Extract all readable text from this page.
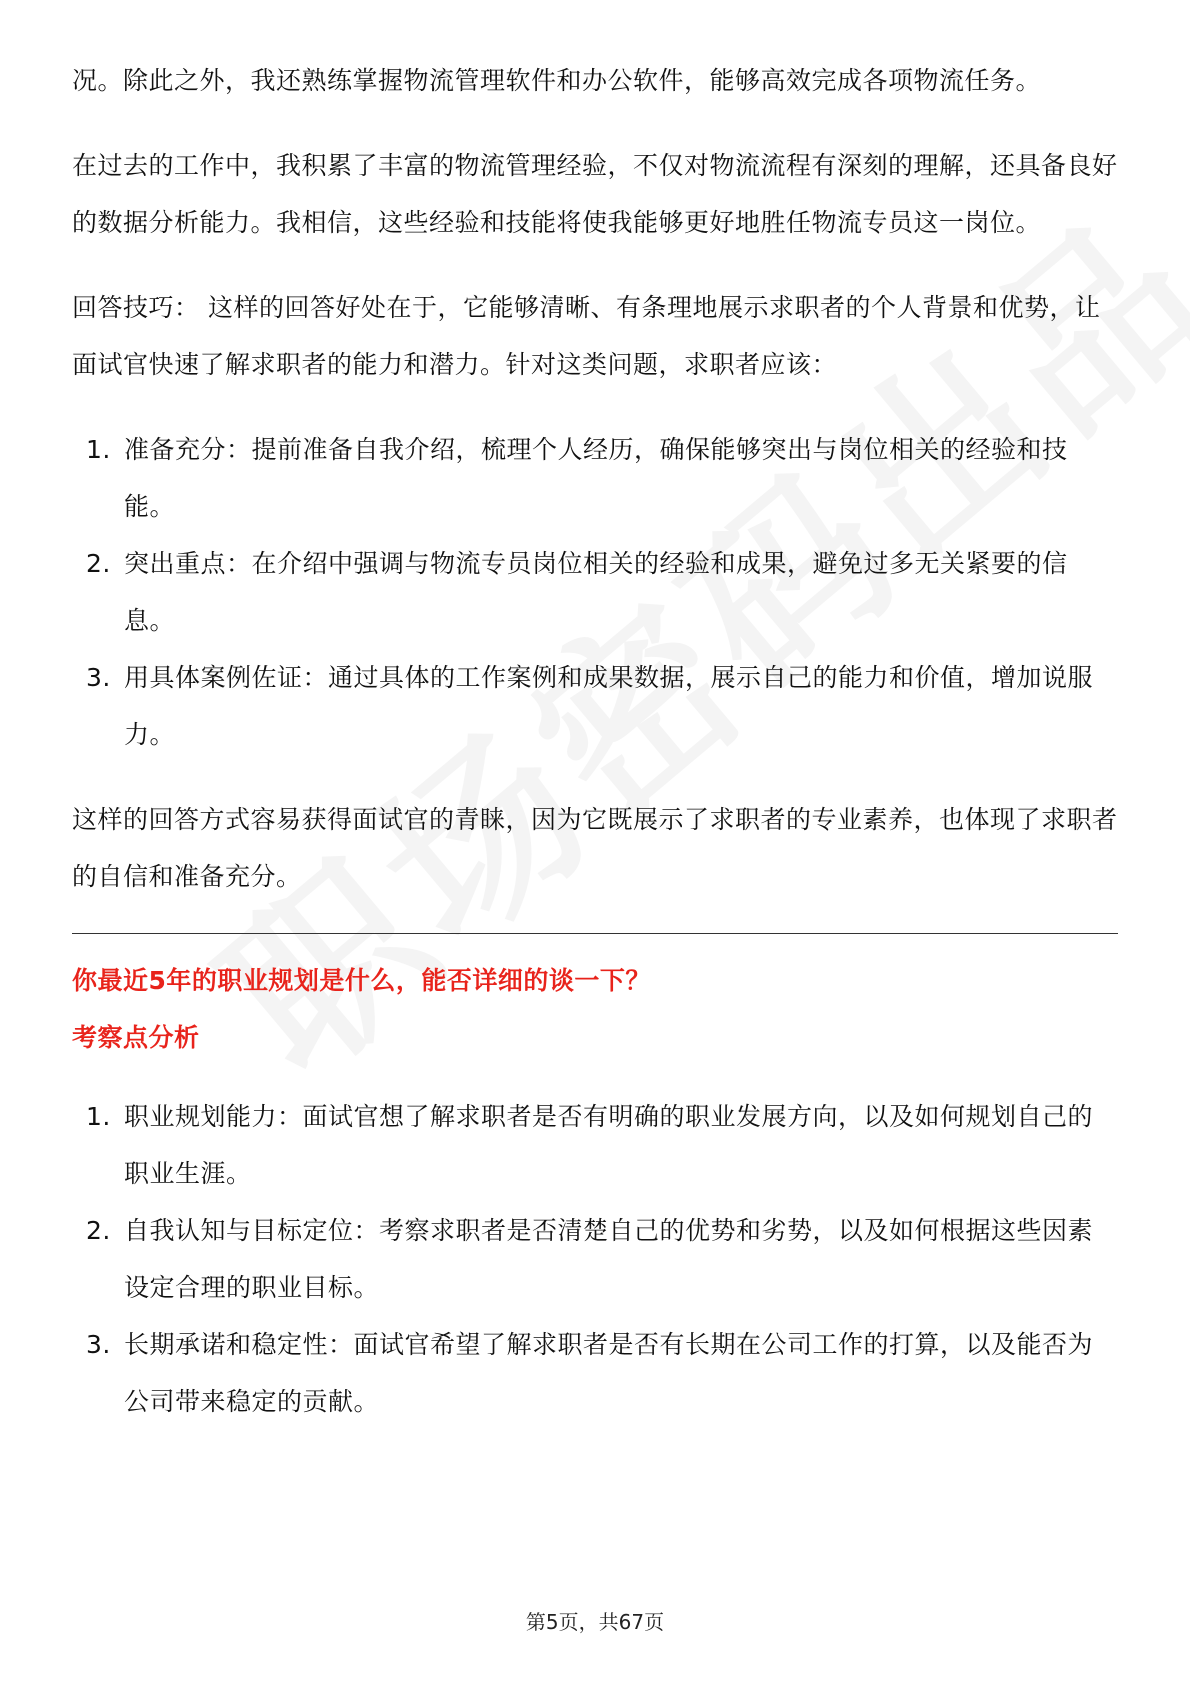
况。除此之外，我还熟练掌握物流管理软件和办公软件，能够高效完成各项物流任务。

在过去的工作中，我积累了丰富的物流管理经验，不仅对物流流程有深刻的理解，还具备良好的数据分析能力。我相信，这些经验和技能将使我能够更好地胜任物流专员这一岗位。

回答技巧： 这样的回答好处在于，它能够清晰、有条理地展示求职者的个人背景和优势，让面试官快速了解求职者的能力和潜力。针对这类问题，求职者应该：

1. 准备充分：提前准备自我介绍，梳理个人经历，确保能够突出与岗位相关的经验和技能。
2. 突出重点：在介绍中强调与物流专员岗位相关的经验和成果，避免过多无关紧要的信息。
3. 用具体案例佐证：通过具体的工作案例和成果数据，展示自己的能力和价值，增加说服力。

这样的回答方式容易获得面试官的青睐，因为它既展示了求职者的专业素养，也体现了求职者的自信和准备充分。

你最近5年的职业规划是什么，能否详细的谈一下？
考察点分析
1. 职业规划能力：面试官想了解求职者是否有明确的职业发展方向，以及如何规划自己的职业生涯。
2. 自我认知与目标定位：考察求职者是否清楚自己的优势和劣势，以及如何根据这些因素设定合理的职业目标。
3. 长期承诺和稳定性：面试官希望了解求职者是否有长期在公司工作的打算，以及能否为公司带来稳定的贡献。
第5页，共67页
